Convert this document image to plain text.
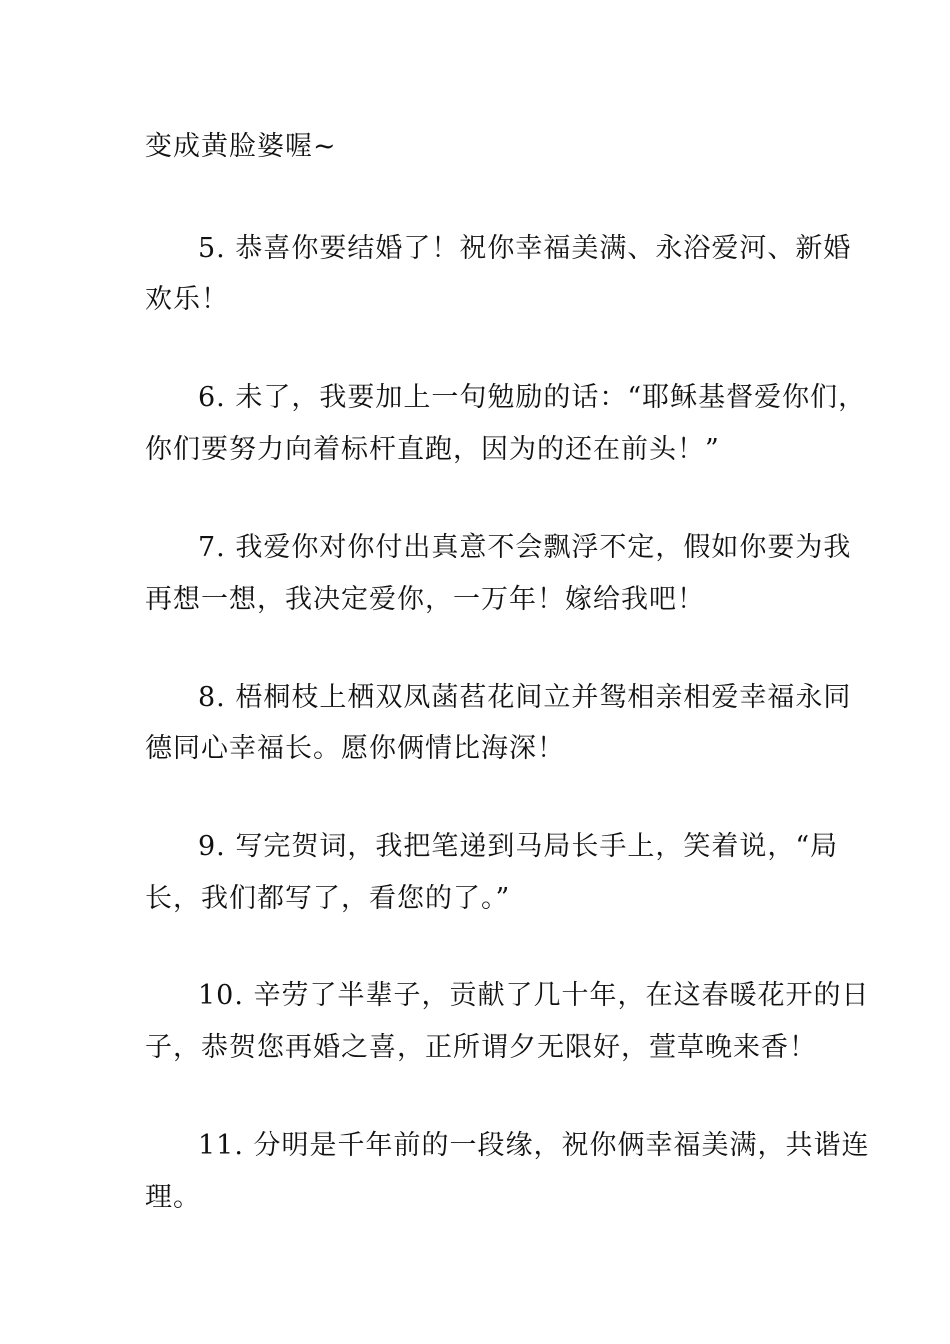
变成黄脸婆喔~
5. 恭喜你要结婚了！祝你幸福美满、永浴爱河、新婚
欢乐！
6. 未了，我要加上一句勉励的话：“耶稣基督爱你们，
你们要努力向着标杆直跑，因为的还在前头！”
7. 我爱你对你付出真意不会飘浮不定，假如你要为我
再想一想，我决定爱你，一万年！嫁给我吧！
8. 梧桐枝上栖双凤菡萏花间立并鸳相亲相爱幸福永同
德同心幸福长。愿你俩情比海深！
9. 写完贺词，我把笔递到马局长手上，笑着说，“局
长，我们都写了，看您的了。”
10. 辛劳了半辈子，贡献了几十年，在这春暖花开的日
子，恭贺您再婚之喜，正所谓夕无限好，萱草晚来香！
11. 分明是千年前的一段缘，祝你俩幸福美满，共谐连
理。
